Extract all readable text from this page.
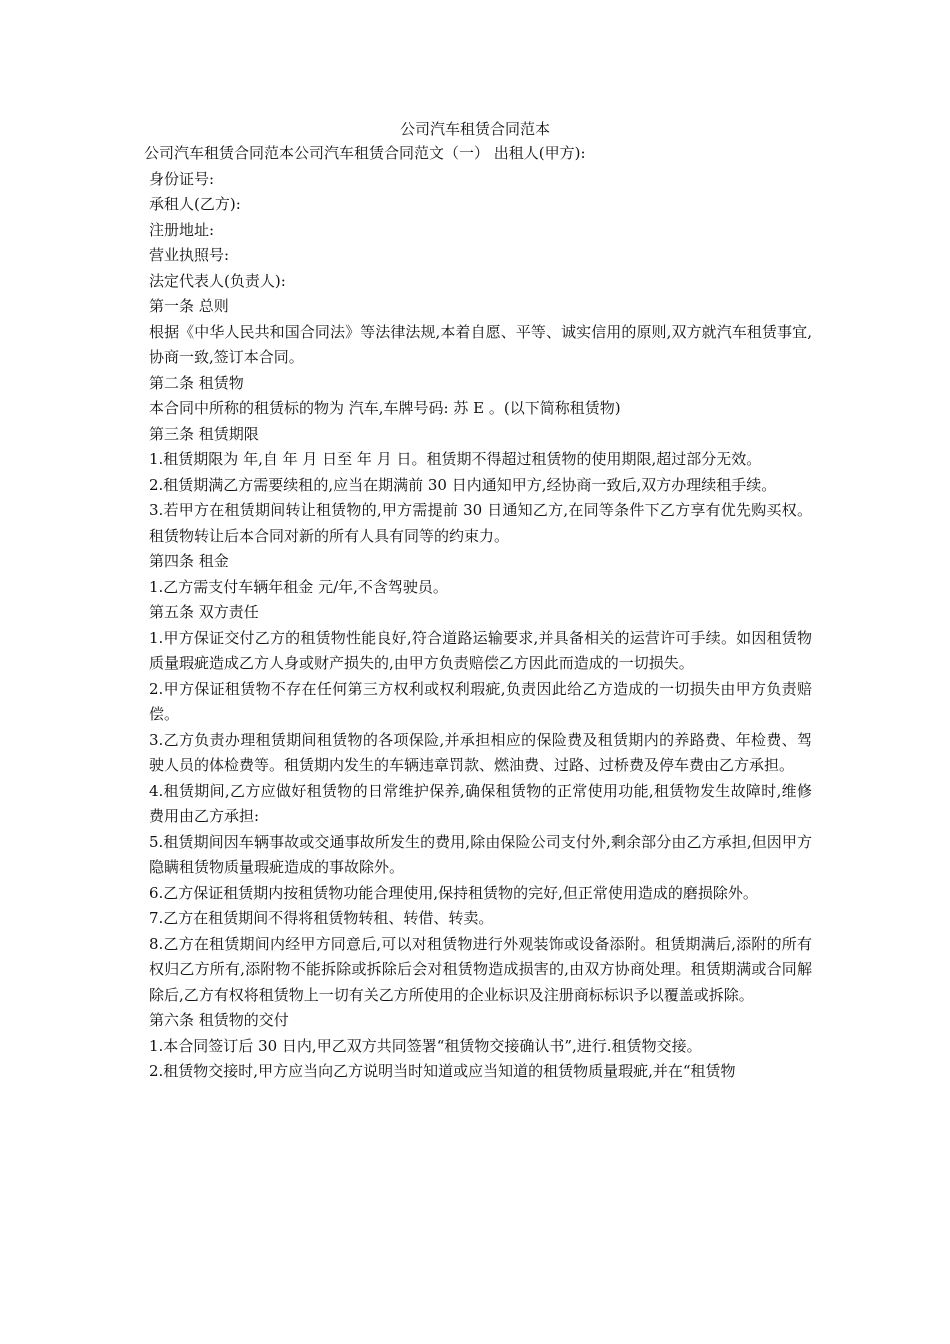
公司汽车租赁合同范本

公司汽车租赁合同范本公司汽车租赁合同范文（一） 出租人(甲方):

身份证号:

承租人(乙方):

注册地址:

营业执照号:

法定代表人(负责人):

第一条 总则

根据《中华人民共和国合同法》等法律法规,本着自愿、平等、诚实信用的原则,双方就汽车租赁事宜,协商一致,签订本合同。

第二条 租赁物

本合同中所称的租赁标的物为 汽车,车牌号码: 苏 E 。(以下简称租赁物)

第三条 租赁期限

1.租赁期限为 年,自 年 月 日至 年 月 日。租赁期不得超过租赁物的使用期限,超过部分无效。

2.租赁期满乙方需要续租的,应当在期满前 30 日内通知甲方,经协商一致后,双方办理续租手续。

3.若甲方在租赁期间转让租赁物的,甲方需提前 30 日通知乙方,在同等条件下乙方享有优先购买权。租赁物转让后本合同对新的所有人具有同等的约束力。

第四条 租金

1.乙方需支付车辆年租金 元/年,不含驾驶员。

第五条 双方责任

1.甲方保证交付乙方的租赁物性能良好,符合道路运输要求,并具备相关的运营许可手续。如因租赁物质量瑕疵造成乙方人身或财产损失的,由甲方负责赔偿乙方因此而造成的一切损失。

2.甲方保证租赁物不存在任何第三方权利或权利瑕疵,负责因此给乙方造成的一切损失由甲方负责赔偿。

3.乙方负责办理租赁期间租赁物的各项保险,并承担相应的保险费及租赁期内的养路费、年检费、驾驶人员的体检费等。租赁期内发生的车辆违章罚款、燃油费、过路、过桥费及停车费由乙方承担。

4.租赁期间,乙方应做好租赁物的日常维护保养,确保租赁物的正常使用功能,租赁物发生故障时,维修费用由乙方承担:

5.租赁期间因车辆事故或交通事故所发生的费用,除由保险公司支付外,剩余部分由乙方承担,但因甲方隐瞒租赁物质量瑕疵造成的事故除外。

6.乙方保证租赁期内按租赁物功能合理使用,保持租赁物的完好,但正常使用造成的磨损除外。

7.乙方在租赁期间不得将租赁物转租、转借、转卖。

8.乙方在租赁期间内经甲方同意后,可以对租赁物进行外观装饰或设备添附。租赁期满后,添附的所有权归乙方所有,添附物不能拆除或拆除后会对租赁物造成损害的,由双方协商处理。租赁期满或合同解除后,乙方有权将租赁物上一切有关乙方所使用的企业标识及注册商标标识予以覆盖或拆除。

第六条 租赁物的交付

1.本合同签订后 30 日内,甲乙双方共同签署“租赁物交接确认书”,进行.租赁物交接。

2.租赁物交接时,甲方应当向乙方说明当时知道或应当知道的租赁物质量瑕疵,并在“租赁物
